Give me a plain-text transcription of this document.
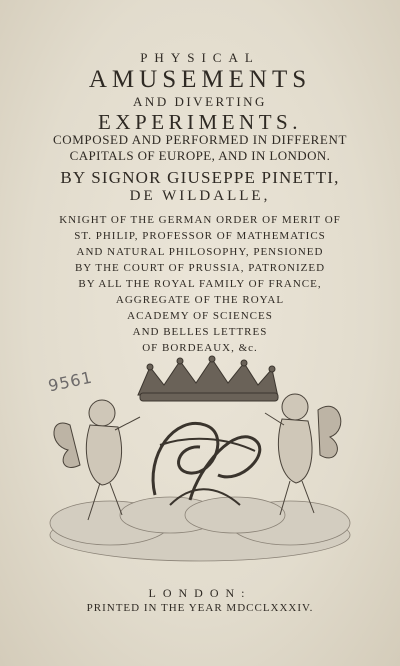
PHYSICAL
AMUSEMENTS
AND DIVERTING
EXPERIMENTS.
COMPOSED AND PERFORMED IN DIFFERENT
CAPITALS OF EUROPE, AND IN LONDON.
BY SIGNOR GIUSEPPE PINETTI,
DE WILDALLE,
KNIGHT OF THE GERMAN ORDER OF MERIT OF
ST. PHILIP, PROFESSOR OF MATHEMATICS
AND NATURAL PHILOSOPHY, PENSIONED
BY THE COURT OF PRUSSIA, PATRONIZED
BY ALL THE ROYAL FAMILY OF FRANCE,
AGGREGATE OF THE ROYAL
ACADEMY OF SCIENCES
AND BELLES LETTRES
OF BORDEAUX, &c.
9561
LONDON:
PRINTED IN THE YEAR MDCCLXXXIV.
